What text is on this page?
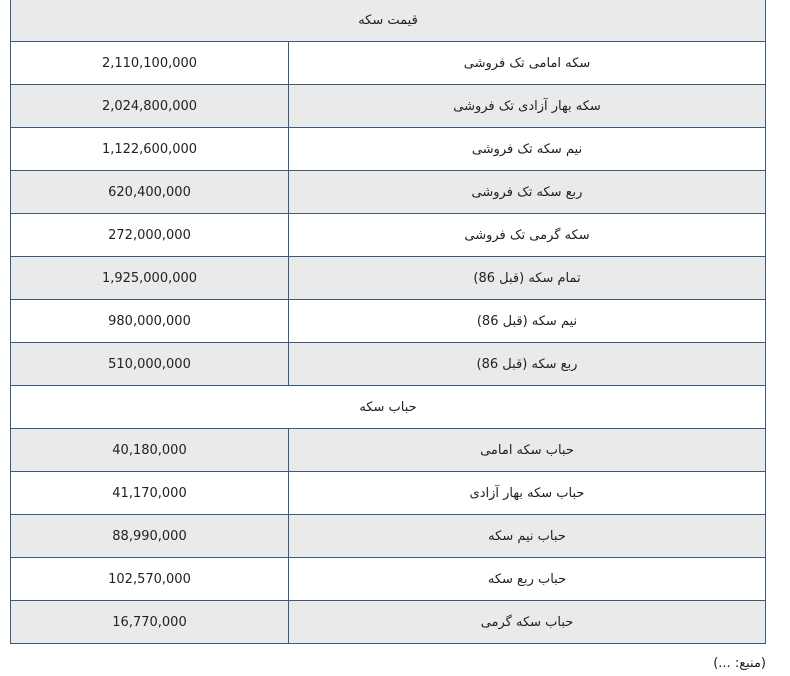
قیمت سکه
2,110,100,000	سکه امامی تک فروشی
2,024,800,000	سکه بهار آزادی تک فروشی
1,122,600,000	نیم سکه تک فروشی
620,400,000	ربع سکه تک فروشی
272,000,000	سکه گرمی تک فروشی
1,925,000,000	تمام سکه (قبل 86)
980,000,000	نیم سکه (قبل 86)
510,000,000	ربع سکه (قبل 86)
حباب سکه
40,180,000	حباب سکه امامی
41,170,000	حباب سکه بهار آزادی
88,990,000	حباب نیم سکه
102,570,000	حباب ربع سکه
16,770,000	حباب سکه گرمی
(منبع: ...)
